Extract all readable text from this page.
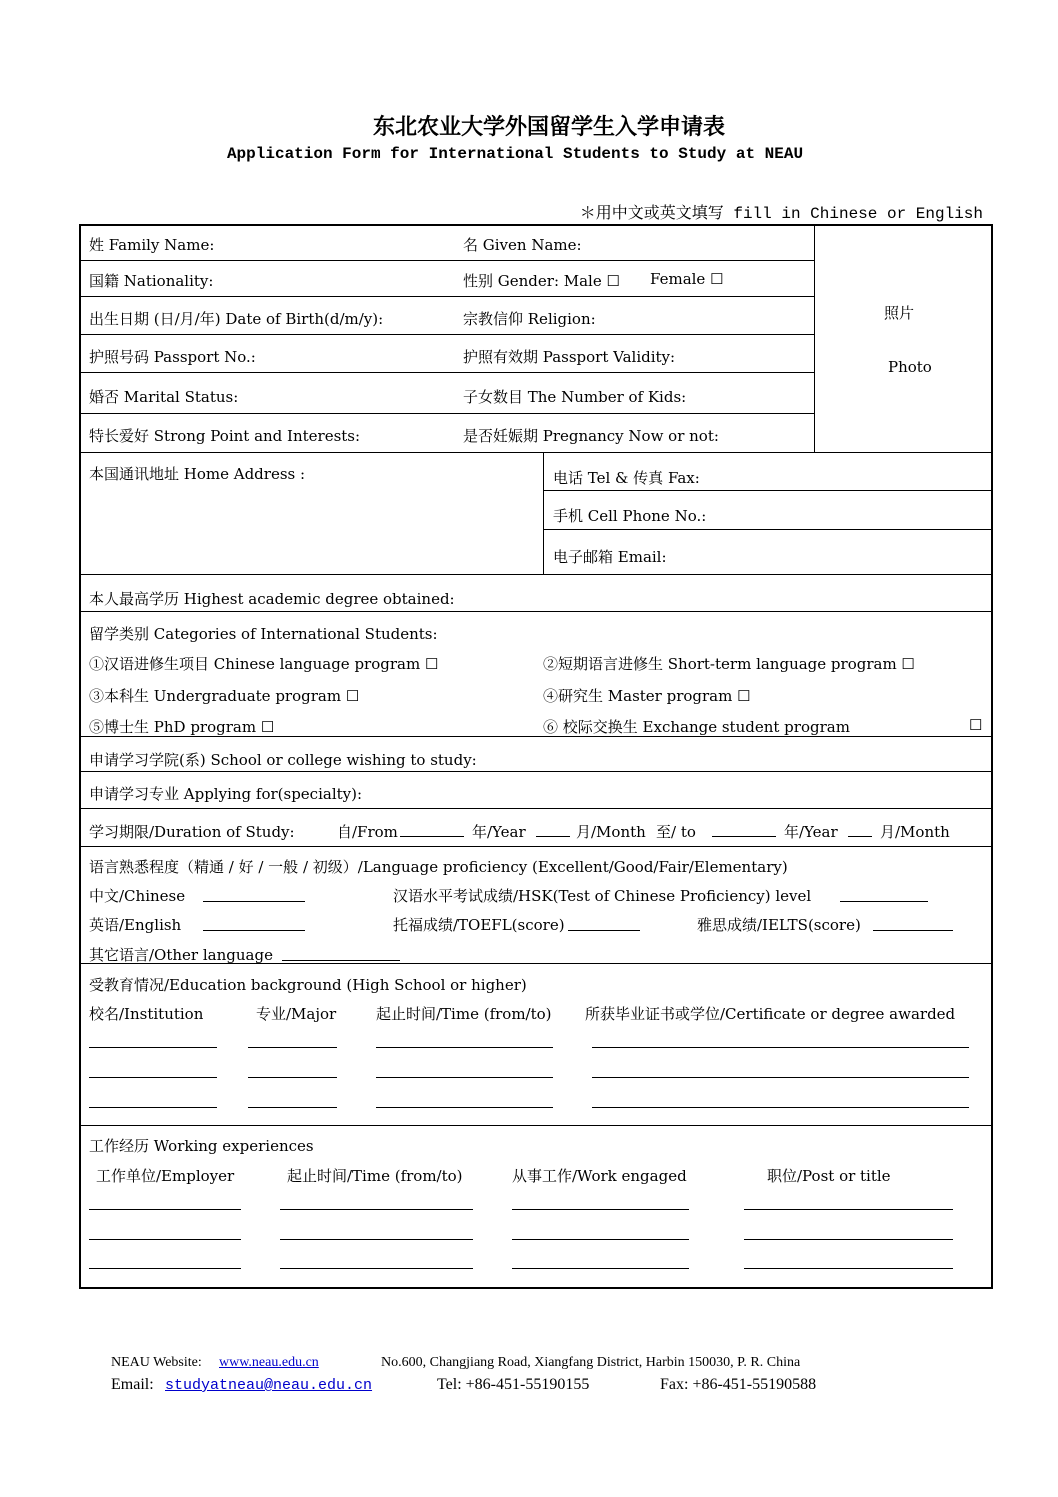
东北农业大学外国留学生入学申请表
Application Form for International Students to Study at NEAU
＊用中文或英文填写 fill in Chinese or English
姓 Family Name:	名 Given Name:
国籍 Nationality:	性别 Gender: Male ☐ Female ☐
出生日期 (日/月/年) Date of Birth(d/m/y):	宗教信仰 Religion:
护照号码 Passport No.:	护照有效期 Passport Validity:
婚否 Marital Status:	子女数目 The Number of Kids:
特长爱好 Strong Point and Interests:	是否妊娠期 Pregnancy Now or not:
照片
Photo
本国通讯地址 Home Address :	电话 Tel & 传真 Fax:
手机 Cell Phone No.:
电子邮箱 Email:
本人最高学历 Highest academic degree obtained:
留学类别 Categories of International Students:
①汉语进修生项目 Chinese language program ☐	②短期语言进修生 Short-term language program ☐
③本科生 Undergraduate program ☐	④研究生 Master program ☐
⑤博士生 PhD program ☐	⑥ 校际交换生 Exchange student program	☐
申请学习学院(系) School or college wishing to study:
申请学习专业 Applying for(specialty):
学习期限/Duration of Study:	自/From	年/Year	月/Month 至/ to	年/Year	月/Month
语言熟悉程度（精通 / 好 / 一般 / 初级）/Language proficiency (Excellent/Good/Fair/Elementary)
中文/Chinese	汉语水平考试成绩/HSK(Test of Chinese Proficiency) level
英语/English	托福成绩/TOEFL(score)	雅思成绩/IELTS(score)
其它语言/Other language
受教育情况/Education background (High School or higher)
校名/Institution	专业/Major	起止时间/Time (from/to) 所获毕业证书或学位/Certificate or degree awarded
工作经历 Working experiences
工作单位/Employer	起止时间/Time (from/to)	从事工作/Work engaged	职位/Post or title
NEAU Website: www.neau.edu.cn	No.600, Changjiang Road, Xiangfang District, Harbin 150030, P. R. China
Email: studyatneau@neau.edu.cn	Tel: +86-451-55190155	Fax: +86-451-55190588
